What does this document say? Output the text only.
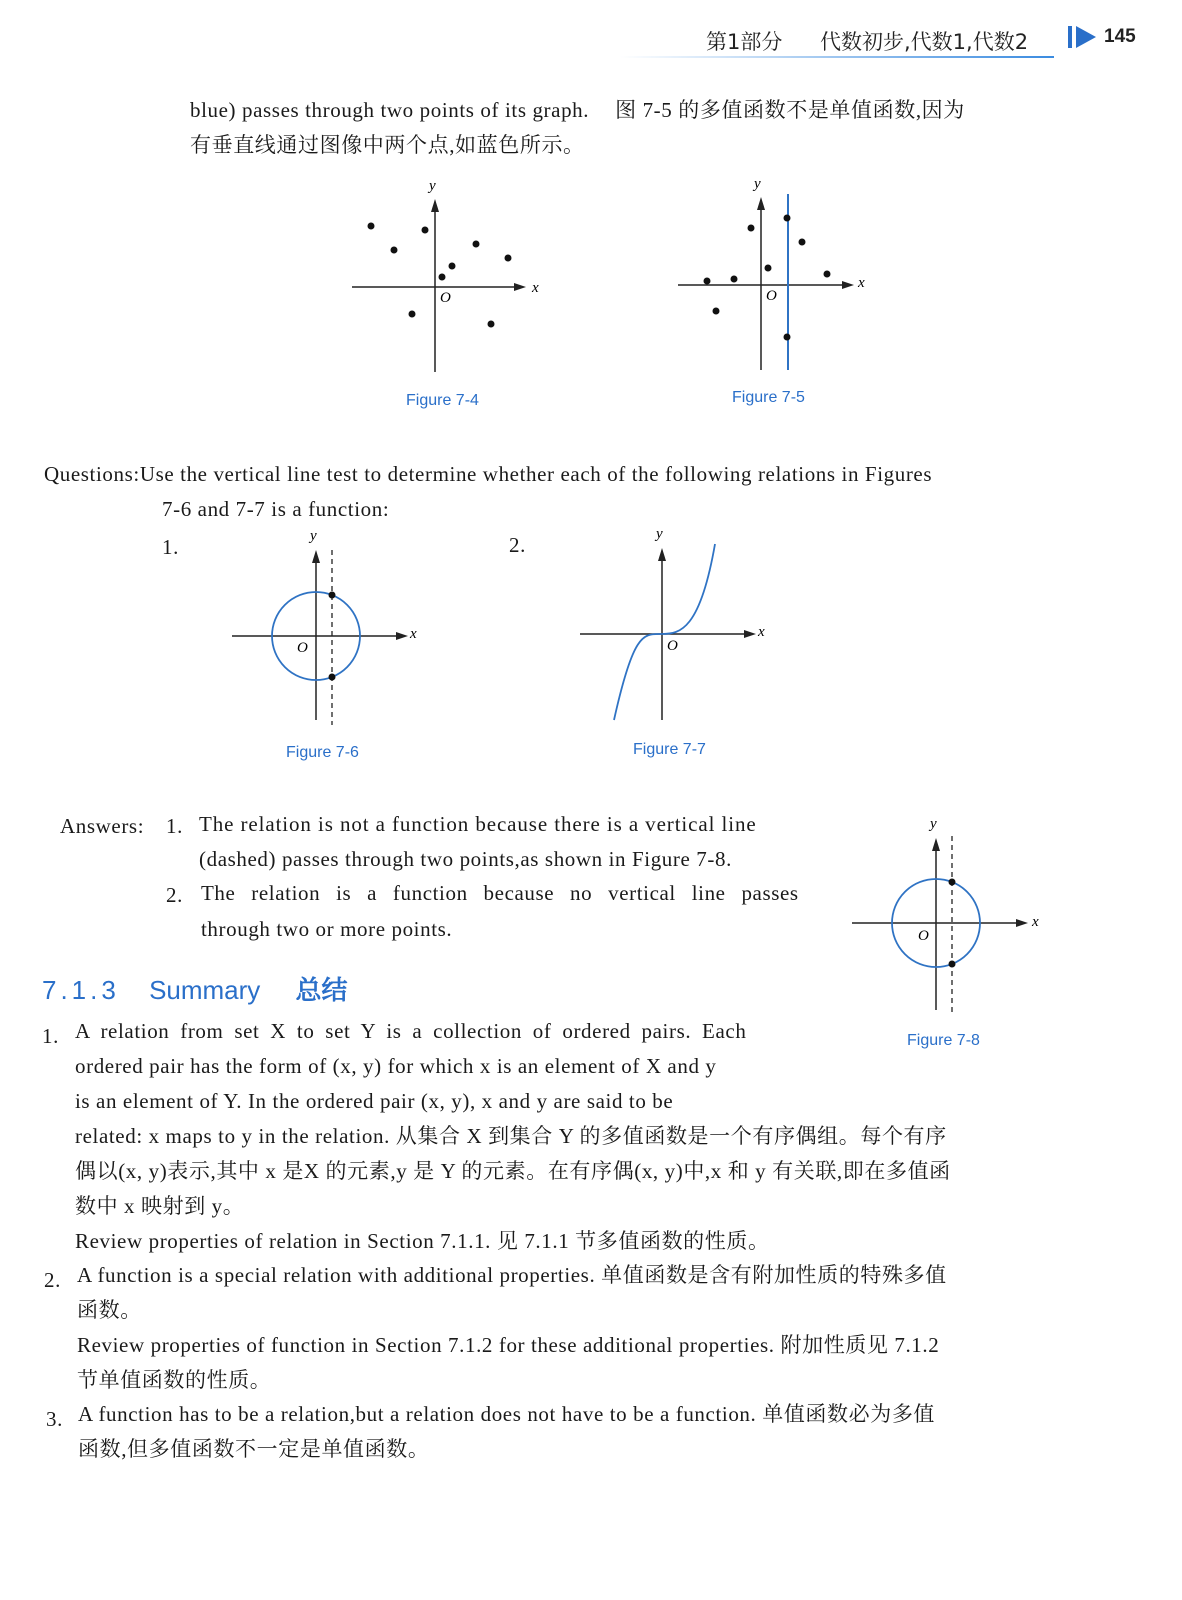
第1部分 代数初步,代数1,代数2	145
blue) passes through two points of its graph. 图 7-5 的多值函数不是单值函数,因为
有垂直线通过图像中两个点,如蓝色所示。
x
y
O
Figure 7-4
x
y
O
Figure 7-5
Questions:Use the vertical line test to determine whether each of the following relations in Figures
7-6 and 7-7 is a function:
1.	2.
x
y
O
Figure 7-6
x
y
O
Figure 7-7
Answers: 1. The relation is not a function because there is a vertical line
(dashed) passes through two points,as shown in Figure 7-8.
2. The relation is a function because no vertical line passes
through two or more points.	x
y
O
Figure 7-8
7.1.3 Summary 总结
1. A relation from set X to set Y is a collection of ordered pairs. Each
ordered pair has the form of (x, y) for which x is an element of X and y
is an element of Y. In the ordered pair (x, y), x and y are said to be
related: x maps to y in the relation. 从集合 X 到集合 Y 的多值函数是一个有序偶组。每个有序
偶以(x, y)表示,其中 x 是X 的元素,y 是 Y 的元素。在有序偶(x, y)中,x 和 y 有关联,即在多值函
数中 x 映射到 y。
Review properties of relation in Section 7.1.1. 见 7.1.1 节多值函数的性质。
2. A function is a special relation with additional properties. 单值函数是含有附加性质的特殊多值
函数。
Review properties of function in Section 7.1.2 for these additional properties. 附加性质见 7.1.2
节单值函数的性质。
3. A function has to be a relation,but a relation does not have to be a function. 单值函数必为多值
函数,但多值函数不一定是单值函数。
